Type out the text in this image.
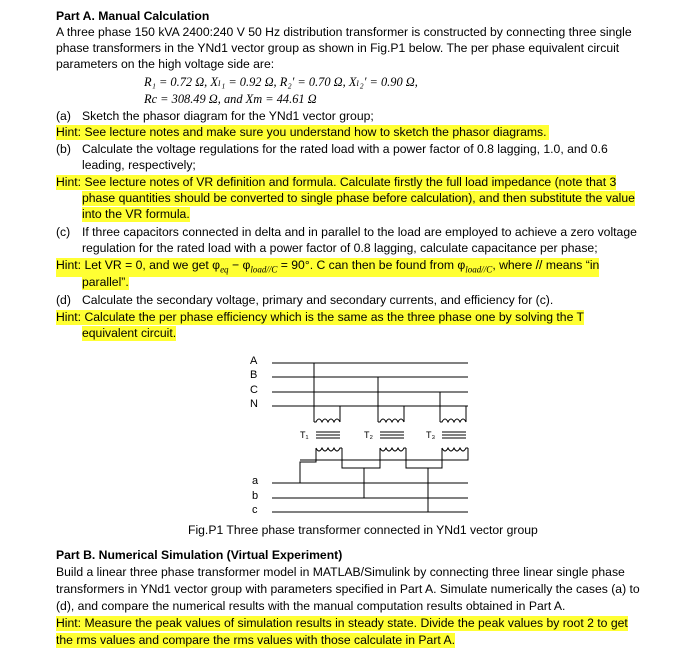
Part A. Manual Calculation
A three phase 150 kVA 2400:240 V 50 Hz distribution transformer is constructed by connecting three single
phase transformers in the YNd1 vector group as shown in Fig.P1 below. The per phase equivalent circuit
parameters on the high voltage side are:
R₁ = 0.72 Ω, Xₗ₁ = 0.92 Ω, R₂′ = 0.70 Ω, Xₗ₂′ = 0.90 Ω,
Rc = 308.49 Ω, and Xm = 44.61 Ω
(a) Sketch the phasor diagram for the YNd1 vector group;
Hint: See lecture notes and make sure you understand how to sketch the phasor diagrams.
(b) Calculate the voltage regulations for the rated load with a power factor of 0.8 lagging, 1.0, and 0.6
leading, respectively;
Hint: See lecture notes of VR definition and formula. Calculate firstly the full load impedance (note that 3
phase quantities should be converted to single phase before calculation), and then substitute the value
into the VR formula.
(c) If three capacitors connected in delta and in parallel to the load are employed to achieve a zero voltage
regulation for the rated load with a power factor of 0.8 lagging, calculate capacitance per phase;
Hint: Let VR = 0, and we get $\varphi_{eq} - \varphi_{load//C} = 90^\circ$. C can then be found from $\varphi_{load//C}$, where // means “in
parallel”.
(d) Calculate the secondary voltage, primary and secondary currents, and efficiency for (c).
Hint: Calculate the per phase efficiency which is the same as the three phase one by solving the T
equivalent circuit.
A
B
C
N
a
b
c
T₁	T₂	T₃
Fig.P1 Three phase transformer connected in YNd1 vector group
Part B. Numerical Simulation (Virtual Experiment)
Build a linear three phase transformer model in MATLAB/Simulink by connecting three linear single phase
transformers in YNd1 vector group with parameters specified in Part A. Simulate numerically the cases (a) to
(d), and compare the numerical results with the manual computation results obtained in Part A.
Hint: Measure the peak values of simulation results in steady state. Divide the peak values by root 2 to get
the rms values and compare the rms values with those calculate in Part A.
